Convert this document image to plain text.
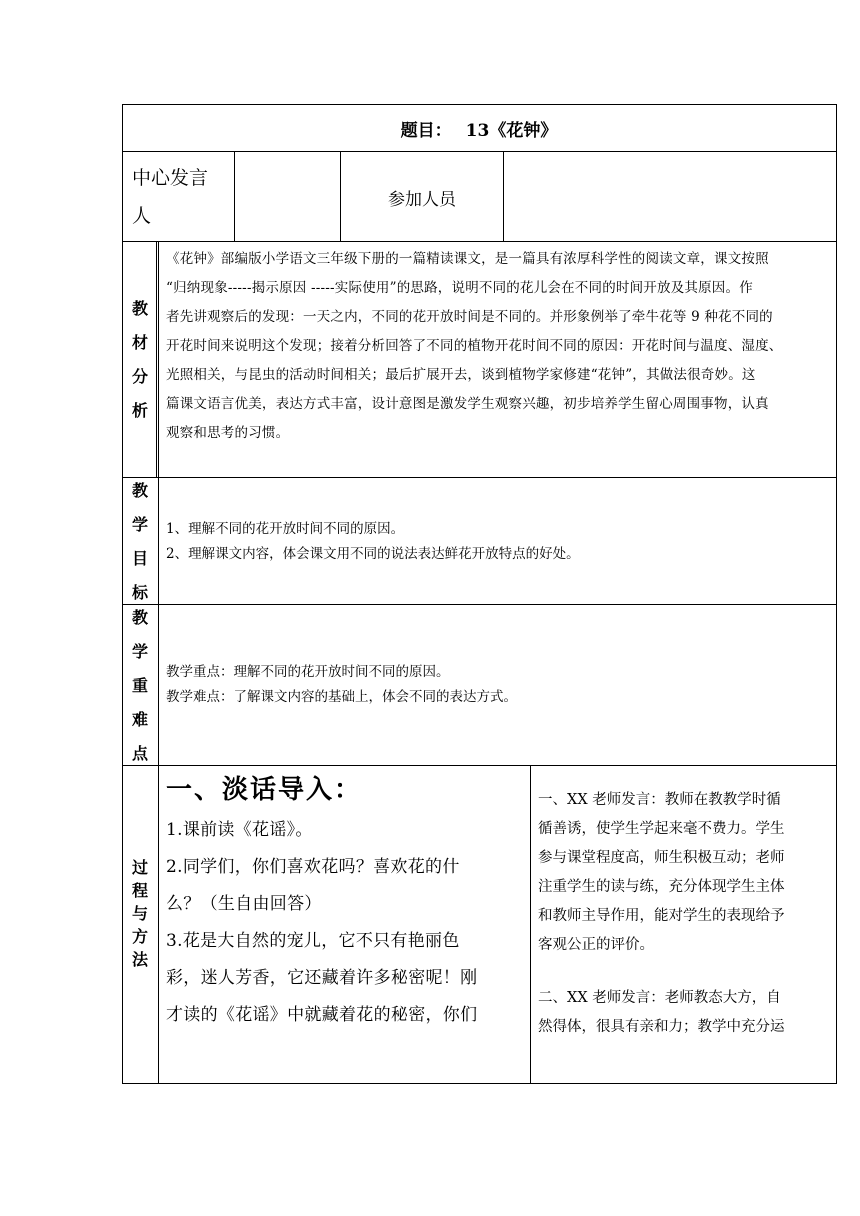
题目： 13《花钟》
中心发言人
参加人员
教
材
分
析

《花钟》部编版小学语文三年级下册的一篇精读课文，是一篇具有浓厚科学性的阅读文章，课文按照

“归纳现象-----揭示原因 -----实际使用”的思路，说明不同的花儿会在不同的时间开放及其原因。作

者先讲观察后的发现：一天之内，不同的花开放时间是不同的。并形象例举了牵牛花等 9 种花不同的

开花时间来说明这个发现；接着分析回答了不同的植物开花时间不同的原因：开花时间与温度、湿度、

光照相关，与昆虫的活动时间相关；最后扩展开去，谈到植物学家修建“花钟”，其做法很奇妙。这

篇课文语言优美，表达方式丰富，设计意图是激发学生观察兴趣，初步培养学生留心周围事物，认真

观察和思考的习惯。

教
学
目
标
1、理解不同的花开放时间不同的原因。
2、理解课文内容，体会课文用不同的说法表达鲜花开放特点的好处。
教
学
重
难
点
教学重点：理解不同的花开放时间不同的原因。
教学难点：了解课文内容的基础上，体会不同的表达方式。
过
程
与
方
法
一、淡话导入：
1.课前读《花谣》。
2.同学们，你们喜欢花吗？喜欢花的什
么？（生自由回答）
3.花是大自然的宠儿，它不只有艳丽色
彩，迷人芳香，它还藏着许多秘密呢！刚
才读的《花谣》中就藏着花的秘密，你们

一、XX 老师发言：教师在教教学时循

循善诱，使学生学起来毫不费力。学生

参与课堂程度高，师生积极互动；老师

注重学生的读与练，充分体现学生主体

和教师主导作用，能对学生的表现给予

客观公正的评价。

二、XX 老师发言：老师教态大方，自

然得体，很具有亲和力；教学中充分运
